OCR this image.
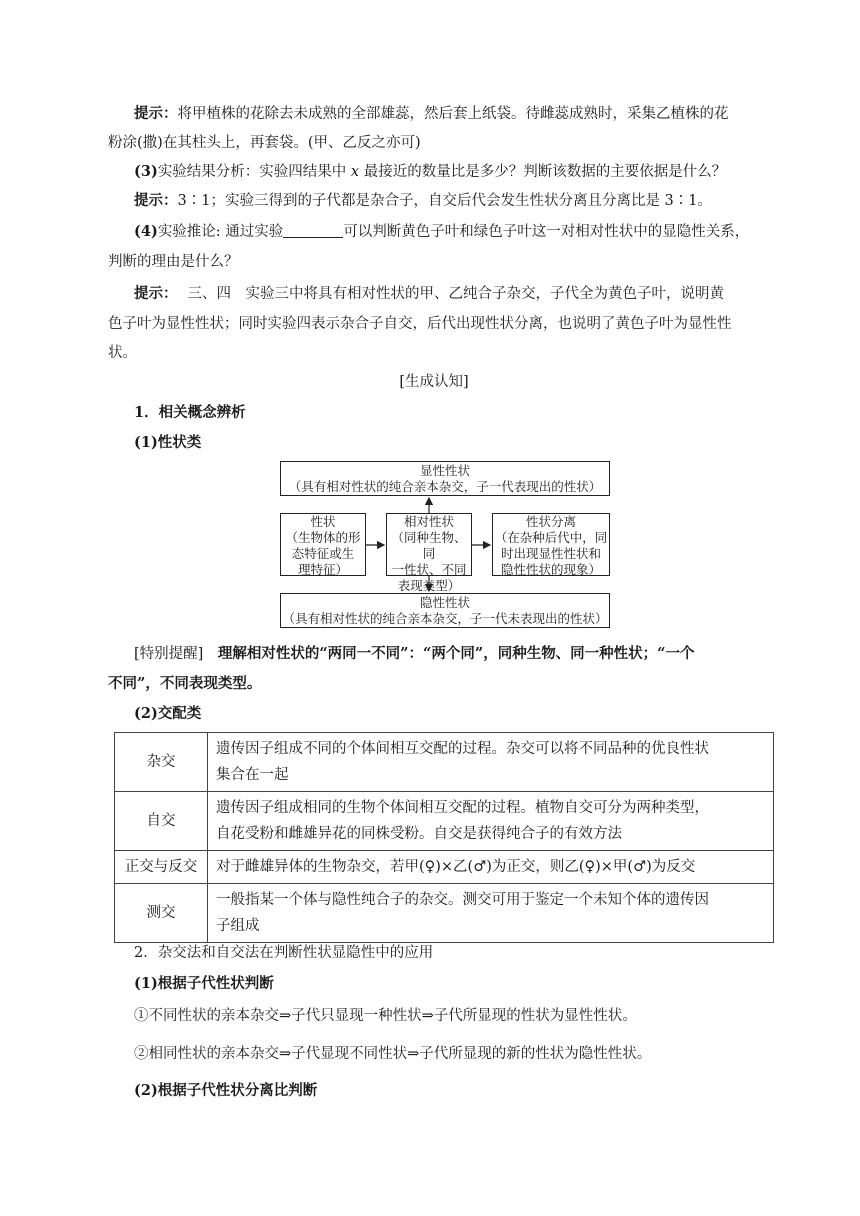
提示：将甲植株的花除去未成熟的全部雄蕊，然后套上纸袋。待雌蕊成熟时，采集乙植株的花
粉涂(撒)在其柱头上，再套袋。(甲、乙反之亦可)
(3)实验结果分析：实验四结果中 x 最接近的数量比是多少？判断该数据的主要依据是什么？
提示：3∶1；实验三得到的子代都是杂合子，自交后代会发生性状分离且分离比是 3∶1。
(4)实验推论: 通过实验	可以判断黄色子叶和绿色子叶这一对相对性状中的显隐性关系，
判断的理由是什么？
提示： 三、四　实验三中将具有相对性状的甲、乙纯合子杂交，子代全为黄色子叶，说明黄
色子叶为显性性状；同时实验四表示杂合子自交，后代出现性状分离，也说明了黄色子叶为显性性
状。
[生成认知]
1．相关概念辨析
(1)性状类
显性性状
（具有相对性状的纯合亲本杂交，子一代表现出的性状）
性状
（生物体的形
态特征或生
理特征）
相对性状
（同种生物、同
一性状、不同
表现类型）
性状分离
（在杂种后代中，同
时出现显性性状和
隐性性状的现象）
隐性性状
（具有相对性状的纯合亲本杂交，子一代未表现出的性状）
[特别提醒]　理解相对性状的“两同一不同”：“两个同”，同种生物、同一种性状；“一个
不同”，不同表现类型。
(2)交配类
杂交	遗传因子组成不同的个体间相互交配的过程。杂交可以将不同品种的优良性状
集合在一起

自交	遗传因子组成相同的生物个体间相互交配的过程。植物自交可分为两种类型，
自花受粉和雌雄异花的同株受粉。自交是获得纯合子的有效方法

正交与反交	对于雌雄异体的生物杂交，若甲(♀)×乙(♂)为正交，则乙(♀)×甲(♂)为反交

测交	一般指某一个体与隐性纯合子的杂交。测交可用于鉴定一个未知个体的遗传因
子组成
2．杂交法和自交法在判断性状显隐性中的应用
(1)根据子代性状判断
①不同性状的亲本杂交⇒子代只显现一种性状⇒子代所显现的性状为显性性状。
②相同性状的亲本杂交⇒子代显现不同性状⇒子代所显现的新的性状为隐性性状。
(2)根据子代性状分离比判断
